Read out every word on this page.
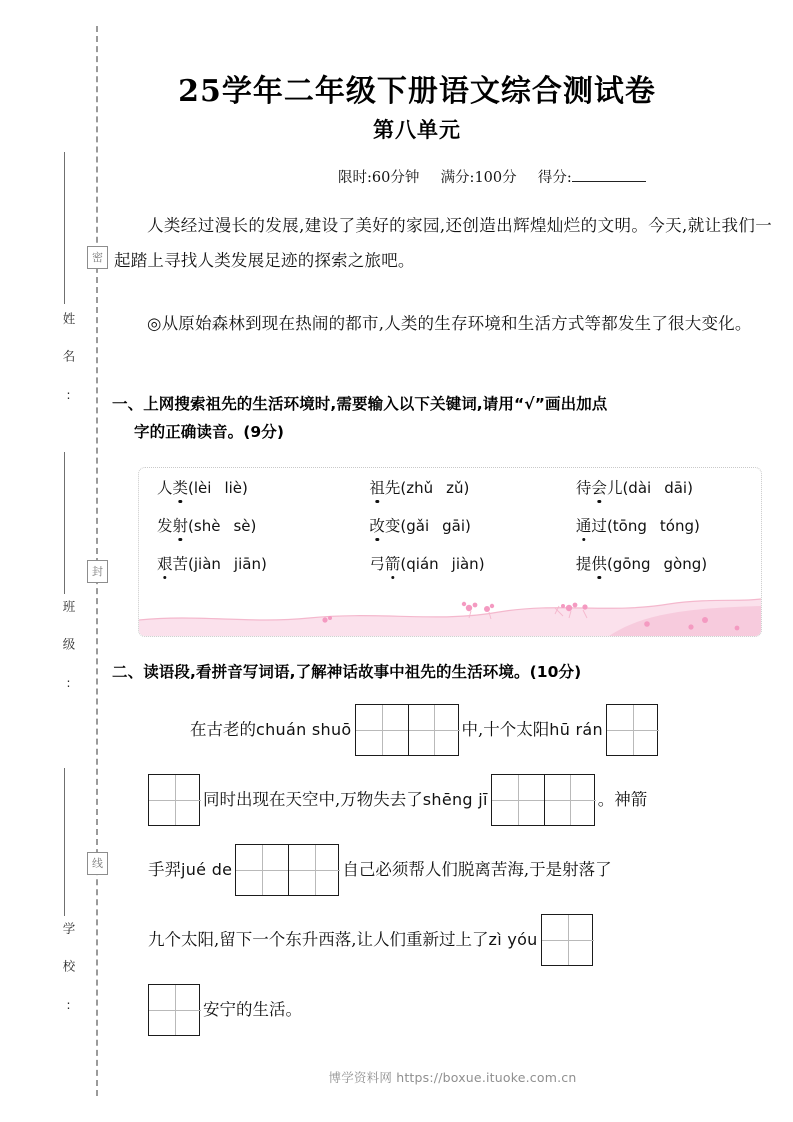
密
封
线
姓 名 :
班 级 :
学 校 :
25学年二年级下册语文综合测试卷
第八单元
限时:60分钟 满分:100分 得分:
人类经过漫长的发展,建设了美好的家园,还创造出辉煌灿烂的文明。今天,就让我们一起踏上寻找人类发展足迹的探索之旅吧。
◎从原始森林到现在热闹的都市,人类的生存环境和生活方式等都发生了很大变化。
一、上网搜索祖先的生活环境时,需要输入以下关键词,请用“√”画出加点
字的正确读音。(9分)
人类(lèi liè)	祖先(zhǔ zǔ)	待会儿(dài dāi)
发射(shè sè)	改变(gǎi gāi)	通过(tōng tóng)
艰苦(jiàn jiān)	弓箭(qián jiàn)	提供(gōng gòng)
二、读语段,看拼音写词语,了解神话故事中祖先的生活环境。(10分)
在古老的 chuán shuō	中,十个太阳 hū rán
同时出现在天空中,万物失去了 shēng jī	。神箭
手羿 jué de	自己必须帮人们脱离苦海,于是射落了
九个太阳,留下一个东升西落,让人们重新过上了 zì yóu
安宁的生活。
博学资料网 https://boxue.ituoke.com.cn
